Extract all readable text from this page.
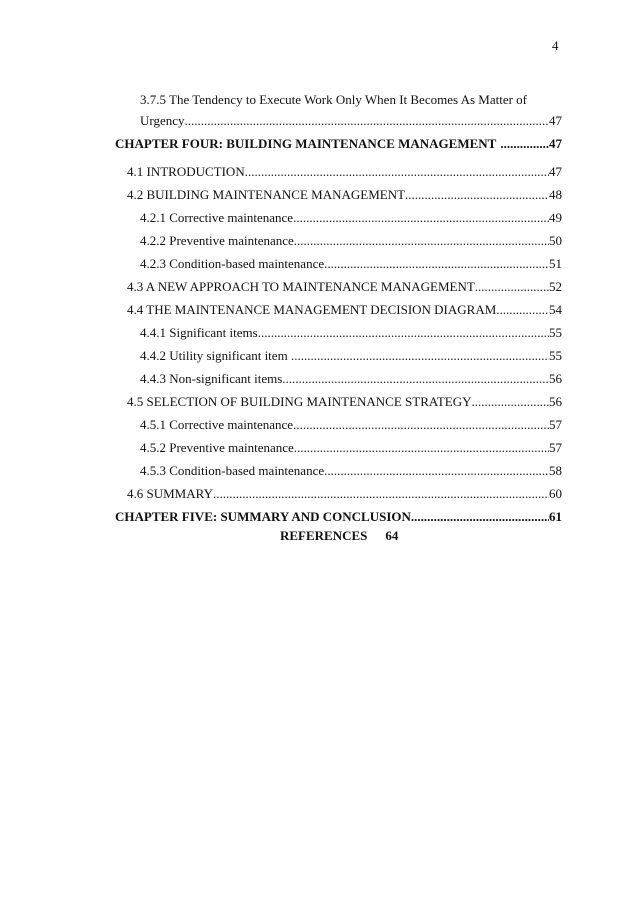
4
3.7.5 The Tendency to Execute Work Only When It Becomes As Matter of
Urgency .....	47
CHAPTER FOUR: BUILDING MAINTENANCE MANAGEMENT .....	47
4.1 INTRODUCTION .....	47
4.2 BUILDING MAINTENANCE MANAGEMENT .....	48
4.2.1 Corrective maintenance .....	49
4.2.2 Preventive maintenance .....	50
4.2.3 Condition-based maintenance .....	51
4.3 A NEW APPROACH TO MAINTENANCE MANAGEMENT .....	52
4.4 THE MAINTENANCE MANAGEMENT DECISION DIAGRAM .....	54
4.4.1 Significant items .....	55
4.4.2 Utility significant item .....	55
4.4.3 Non-significant items .....	56
4.5 SELECTION OF BUILDING MAINTENANCE STRATEGY .....	56
4.5.1 Corrective maintenance .....	57
4.5.2 Preventive maintenance .....	57
4.5.3 Condition-based maintenance .....	58
4.6 SUMMARY .....	60
CHAPTER FIVE: SUMMARY AND CONCLUSION .....	61
REFERENCES 64
